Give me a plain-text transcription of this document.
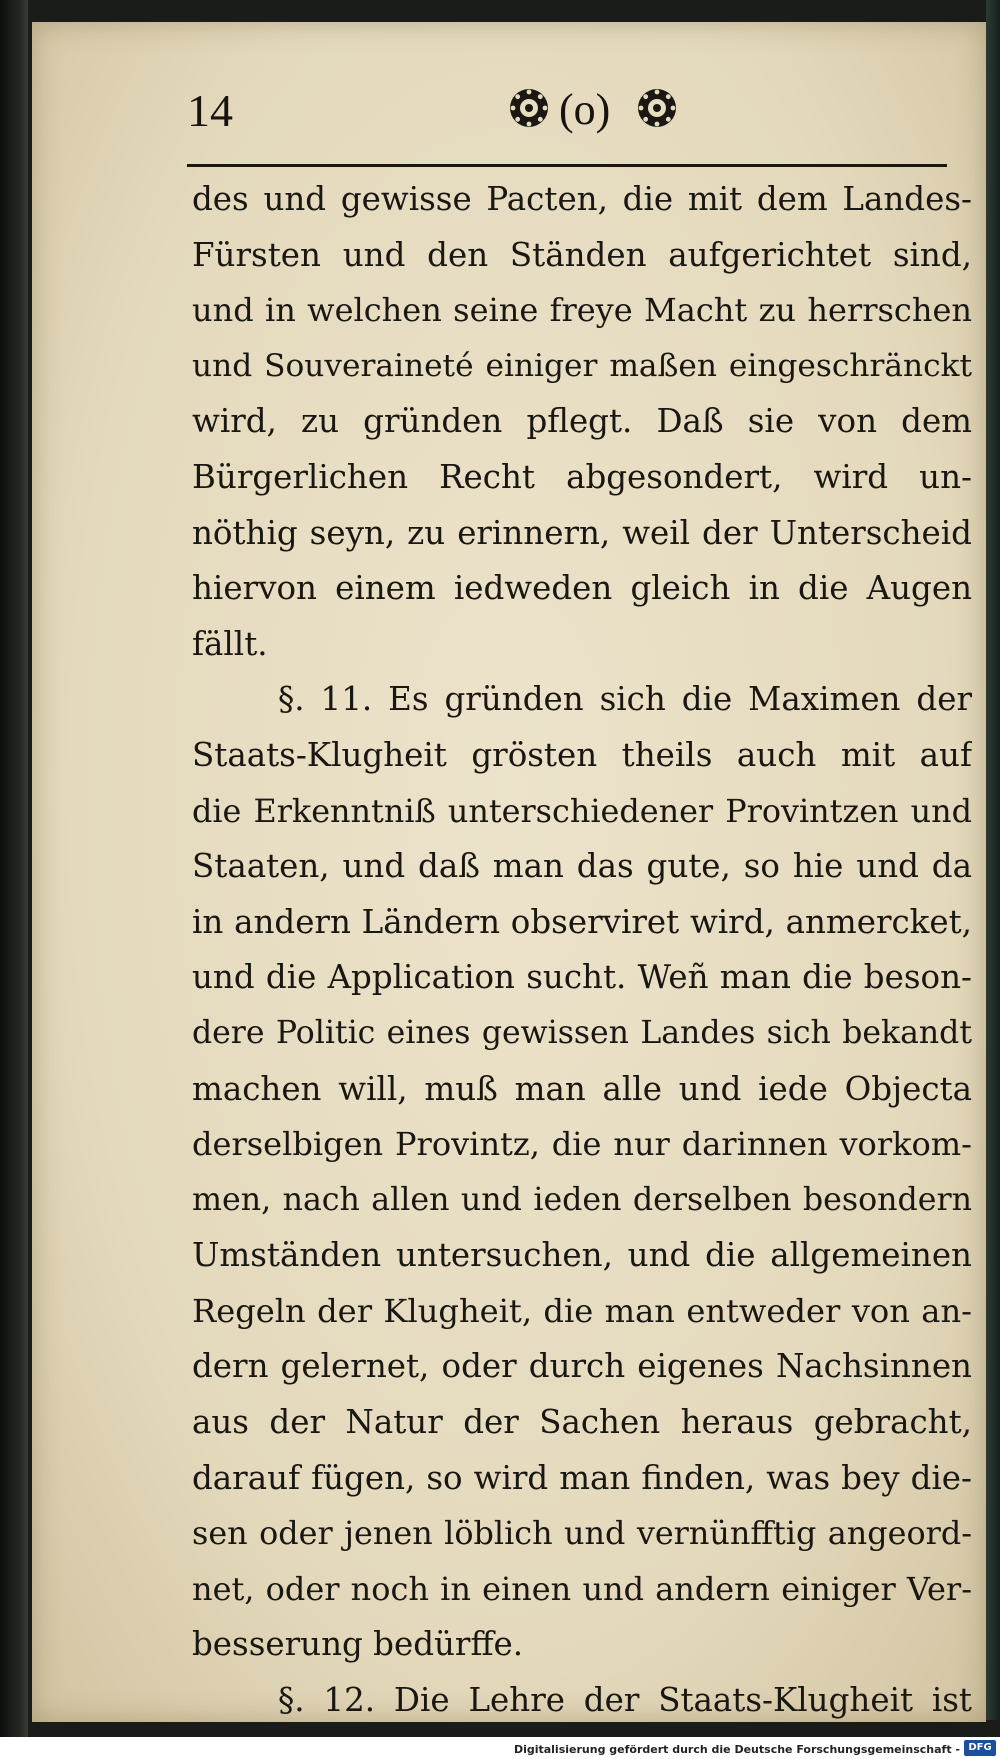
14	(o)
des und gewisse Pacten, die mit dem Landes-
Fürsten und den Ständen aufgerichtet sind,
und in welchen seine freye Macht zu herrschen
und Souveraineté einiger maßen eingeschränckt
wird, zu gründen pflegt. Daß sie von dem
Bürgerlichen Recht abgesondert, wird un-
nöthig seyn, zu erinnern, weil der Unterscheid
hiervon einem iedweden gleich in die Augen
fällt.
§. 11. Es gründen sich die Maximen der
Staats-Klugheit grösten theils auch mit auf
die Erkenntniß unterschiedener Provintzen und
Staaten, und daß man das gute, so hie und da
in andern Ländern observiret wird, anmercket,
und die Application sucht. Weñ man die beson-
dere Politic eines gewissen Landes sich bekandt
machen will, muß man alle und iede Objecta
derselbigen Provintz, die nur darinnen vorkom-
men, nach allen und ieden derselben besondern
Umständen untersuchen, und die allgemeinen
Regeln der Klugheit, die man entweder von an-
dern gelernet, oder durch eigenes Nachsinnen
aus der Natur der Sachen heraus gebracht,
darauf fügen, so wird man finden, was bey die-
sen oder jenen löblich und vernünfftig angeord-
net, oder noch in einen und andern einiger Ver-
besserung bedürffe.
§. 12. Die Lehre der Staats-Klugheit ist
Digitalisierung gefördert durch die Deutsche Forschungsgemeinschaft - DFG
